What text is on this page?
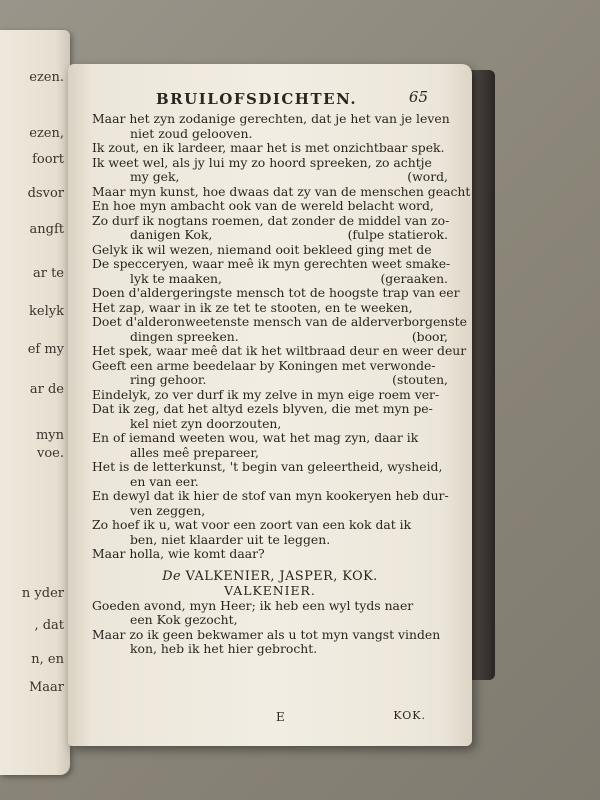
ezen.
ezen,
foort
dsvor
angft
ar te
kelyk
ef my
ar de
myn
voe.
n yder
, dat
n, en
Maar
BRUILOFSDICHTEN.	65
Maar het zyn zodanige gerechten, dat je het van je leven
niet zoud gelooven.
Ik zout, en ik lardeer, maar het is met onzichtbaar spek.
Ik weet wel, als jy lui my zo hoord spreeken, zo achtje
my gek,	(word,
Maar myn kunst, hoe dwaas dat zy van de menschen geacht
En hoe myn ambacht ook van de wereld belacht word,
Zo durf ik nogtans roemen, dat zonder de middel van zo-
danigen Kok,	(fulpe statierok.
Gelyk ik wil wezen, niemand ooit bekleed ging met de
De specceryen, waar meê ik myn gerechten weet smake-
lyk te maaken,	(geraaken.
Doen d'aldergeringste mensch tot de hoogste trap van eer
Het zap, waar in ik ze tet te stooten, en te weeken,
Doet d'alderonweetenste mensch van de alderverborgenste
dingen spreeken.	(boor,
Het spek, waar meê dat ik het wiltbraad deur en weer deur
Geeft een arme beedelaar by Koningen met verwonde-
ring gehoor.	(stouten,
Eindelyk, zo ver durf ik my zelve in myn eige roem ver-
Dat ik zeg, dat het altyd ezels blyven, die met myn pe-
kel niet zyn doorzouten,
En of iemand weeten wou, wat het mag zyn, daar ik
alles meê prepareer,
Het is de letterkunst, 't begin van geleertheid, wysheid,
en van eer.
En dewyl dat ik hier de stof van myn kookeryen heb dur-
ven zeggen,
Zo hoef ik u, wat voor een zoort van een kok dat ik
ben, niet klaarder uit te leggen.
Maar holla, wie komt daar?
De VALKENIER, JASPER, KOK.
VALKENIER.
Goeden avond, myn Heer; ik heb een wyl tyds naer
een Kok gezocht,
Maar zo ik geen bekwamer als u tot myn vangst vinden
kon, heb ik het hier gebrocht.
E	KOK.
